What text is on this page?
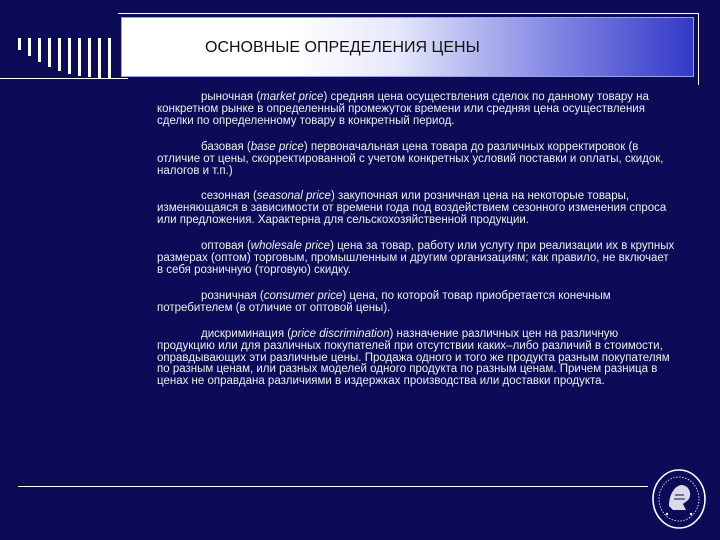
ОСНОВНЫЕ ОПРЕДЕЛЕНИЯ ЦЕНЫ

рыночная (market price) средняя цена осуществления сделок по данному товару на конкретном рынке в определенный промежуток времени или средняя цена осуществления сделки по определенному товару в конкретный период.

базовая (base price) первоначальная цена товара до различных корректировок (в отличие от цены, скорректированной с учетом конкретных условий поставки и оплаты, скидок, налогов и т.п.)

сезонная (seasonal price) закупочная или розничная цена на некоторые товары, изменяющаяся в зависимости от времени года под воздействием сезонного изменения спроса или предложения. Характерна для сельскохозяйственной продукции.

оптовая (wholesale price) цена за товар, работу или услугу при реализации их в крупных размерах (оптом) торговым, промышленным и другим организациям; как правило, не включает в себя розничную (торговую) скидку.

розничная (consumer price) цена, по которой товар приобретается конечным потребителем (в отличие от оптовой цены).

дискриминация (price discrimination) назначение различных цен на различную продукцию или для различных покупателей при отсутствии каких–либо различий в стоимости, оправдывающих эти различные цены. Продажа одного и того же продукта разным покупателям по разным ценам, или разных моделей одного продукта по разным ценам. Причем разница в ценах не оправдана различиями в издержках производства или доставки продукта.
